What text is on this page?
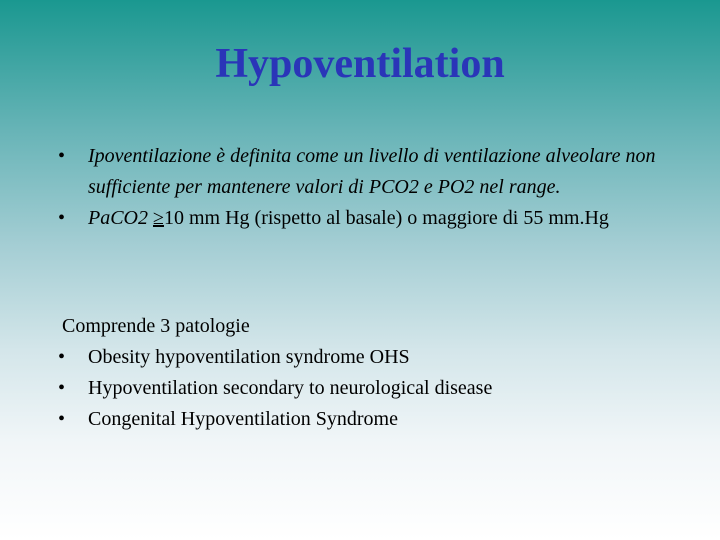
Hypoventilation
•	Ipoventilazione è definita come un livello di ventilazione alveolare non sufficiente per mantenere valori di PCO2 e PO2 nel range.
•	PaCO2 ≥10 mm Hg (rispetto al basale) o maggiore di 55 mm.Hg

Comprende 3 patologie

•	Obesity hypoventilation syndrome OHS
•	Hypoventilation secondary to neurological disease
•	Congenital Hypoventilation Syndrome
